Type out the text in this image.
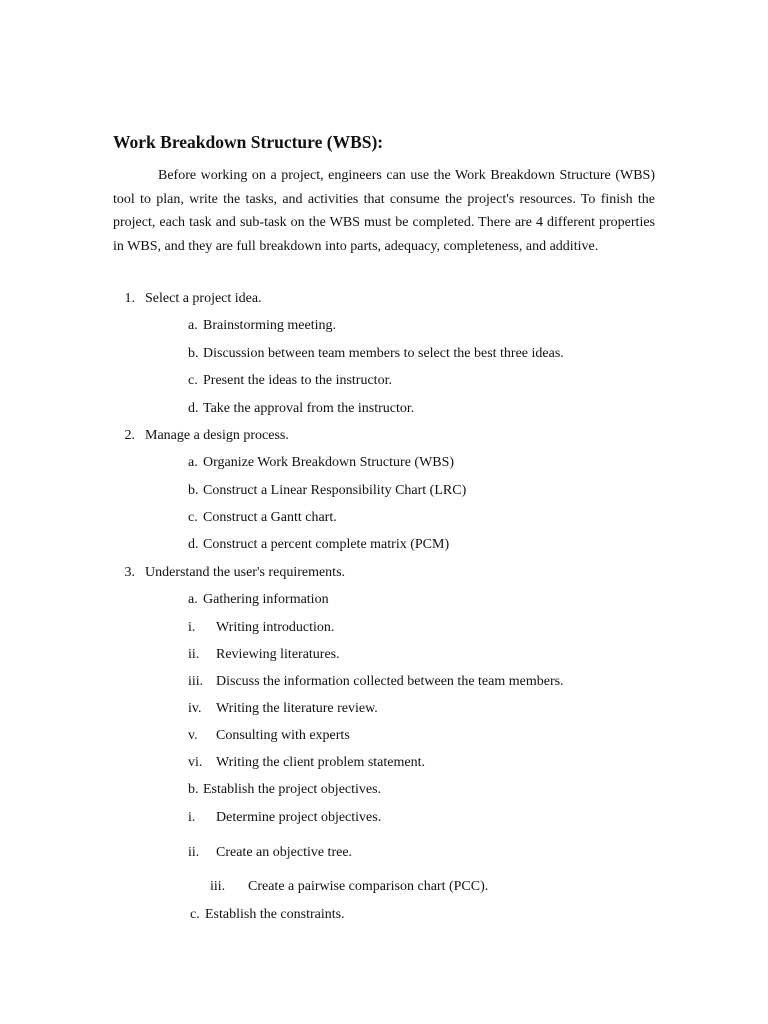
Work Breakdown Structure (WBS):

Before working on a project, engineers can use the Work Breakdown Structure (WBS) tool to plan, write the tasks, and activities that consume the project's resources. To finish the project, each task and sub-task on the WBS must be completed. There are 4 different properties in WBS, and they are full breakdown into parts, adequacy, completeness, and additive.

1. Select a project idea.
a. Brainstorming meeting.
b. Discussion between team members to select the best three ideas.
c. Present the ideas to the instructor.
d. Take the approval from the instructor.
2. Manage a design process.
a. Organize Work Breakdown Structure (WBS)
b. Construct a Linear Responsibility Chart (LRC)
c. Construct a Gantt chart.
d. Construct a percent complete matrix (PCM)
3. Understand the user's requirements.
a. Gathering information
i.	Writing introduction.
ii.	Reviewing literatures.
iii. Discuss the information collected between the team members.
iv.	Writing the literature review.
v.	Consulting with experts
vi. Writing the client problem statement.
b. Establish the project objectives.
i.	Determine project objectives.
ii.	Create an objective tree.
iii.	Create a pairwise comparison chart (PCC).
c. Establish the constraints.
